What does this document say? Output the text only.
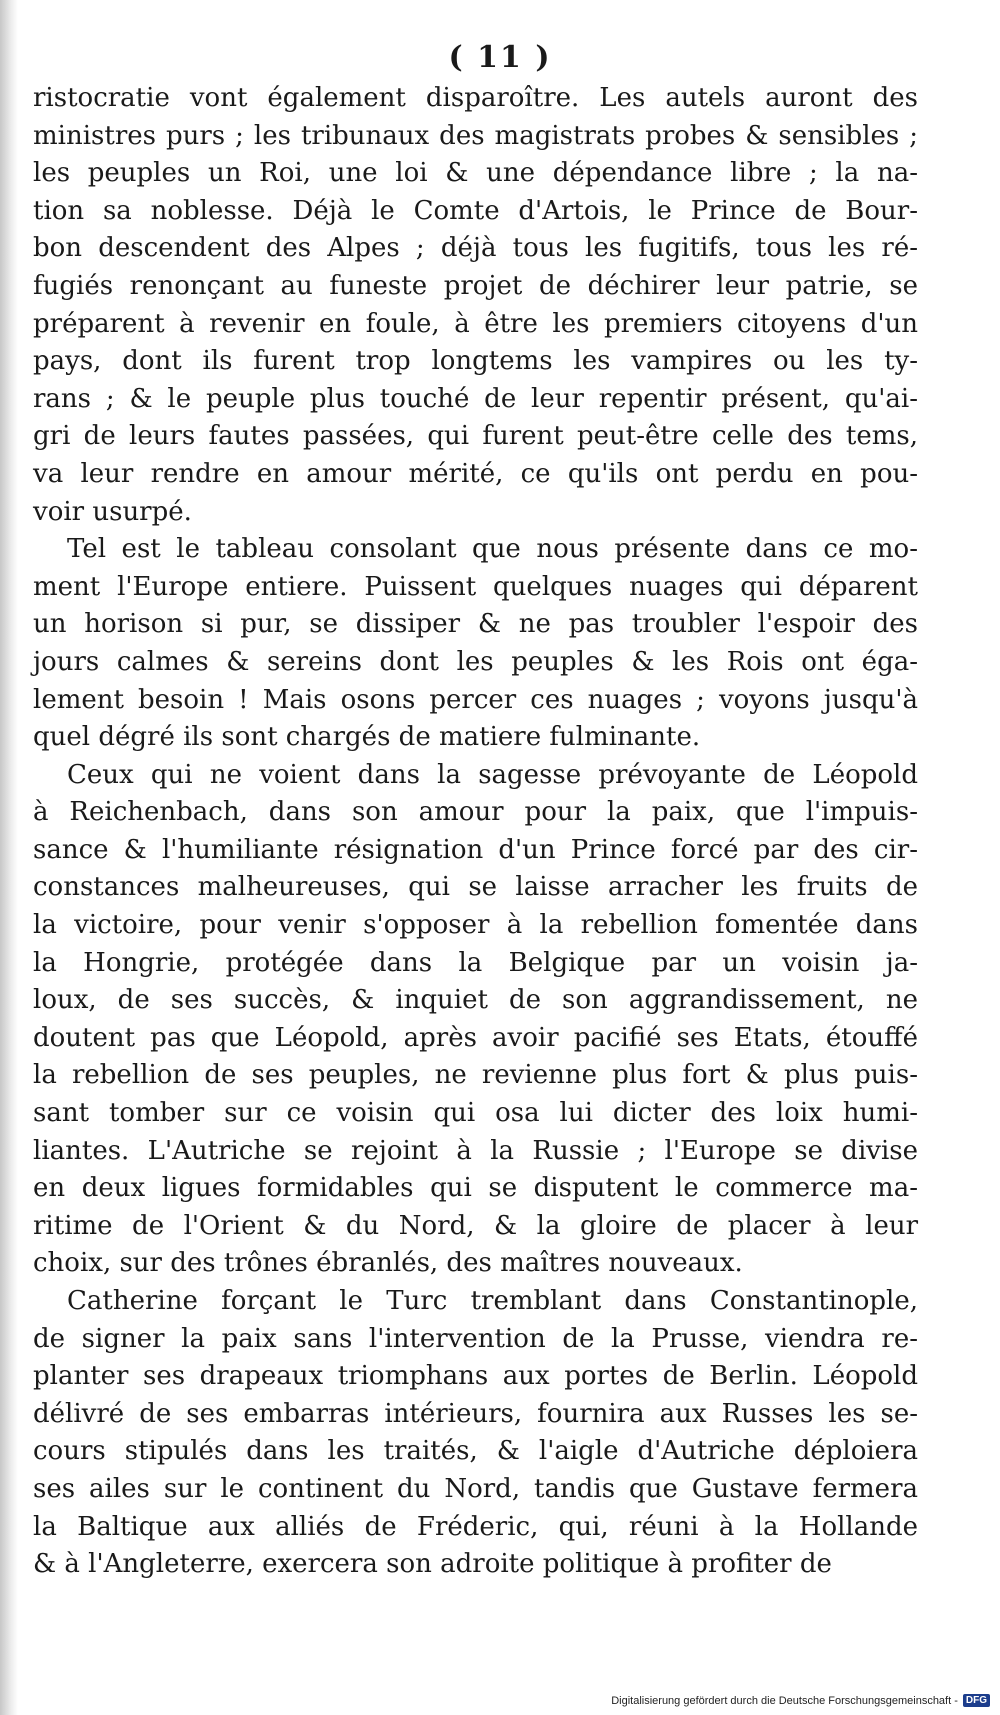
( 11 )
ristocratie vont également disparoître. Les autels auront des
ministres purs ; les tribunaux des magistrats probes & sensibles ;
les peuples un Roi, une loi & une dépendance libre ; la na-
tion sa noblesse. Déjà le Comte d'Artois, le Prince de Bour-
bon descendent des Alpes ; déjà tous les fugitifs, tous les ré-
fugiés renonçant au funeste projet de déchirer leur patrie, se
préparent à revenir en foule, à être les premiers citoyens d'un
pays, dont ils furent trop longtems les vampires ou les ty-
rans ; & le peuple plus touché de leur repentir présent, qu'ai-
gri de leurs fautes passées, qui furent peut-être celle des tems,
va leur rendre en amour mérité, ce qu'ils ont perdu en pou-
voir usurpé.
Tel est le tableau consolant que nous présente dans ce mo-
ment l'Europe entiere. Puissent quelques nuages qui déparent
un horison si pur, se dissiper & ne pas troubler l'espoir des
jours calmes & sereins dont les peuples & les Rois ont éga-
lement besoin ! Mais osons percer ces nuages ; voyons jusqu'à
quel dégré ils sont chargés de matiere fulminante.
Ceux qui ne voient dans la sagesse prévoyante de Léopold
à Reichenbach, dans son amour pour la paix, que l'impuis-
sance & l'humiliante résignation d'un Prince forcé par des cir-
constances malheureuses, qui se laisse arracher les fruits de
la victoire, pour venir s'opposer à la rebellion fomentée dans
la Hongrie, protégée dans la Belgique par un voisin ja-
loux, de ses succès, & inquiet de son aggrandissement, ne
doutent pas que Léopold, après avoir pacifié ses Etats, étouffé
la rebellion de ses peuples, ne revienne plus fort & plus puis-
sant tomber sur ce voisin qui osa lui dicter des loix humi-
liantes. L'Autriche se rejoint à la Russie ; l'Europe se divise
en deux ligues formidables qui se disputent le commerce ma-
ritime de l'Orient & du Nord, & la gloire de placer à leur
choix, sur des trônes ébranlés, des maîtres nouveaux.
Catherine forçant le Turc tremblant dans Constantinople,
de signer la paix sans l'intervention de la Prusse, viendra re-
planter ses drapeaux triomphans aux portes de Berlin. Léopold
délivré de ses embarras intérieurs, fournira aux Russes les se-
cours stipulés dans les traités, & l'aigle d'Autriche déploiera
ses ailes sur le continent du Nord, tandis que Gustave fermera
la Baltique aux alliés de Fréderic, qui, réuni à la Hollande
& à l'Angleterre, exercera son adroite politique à profiter de
Digitalisierung gefördert durch die Deutsche Forschungsgemeinschaft - DFG
